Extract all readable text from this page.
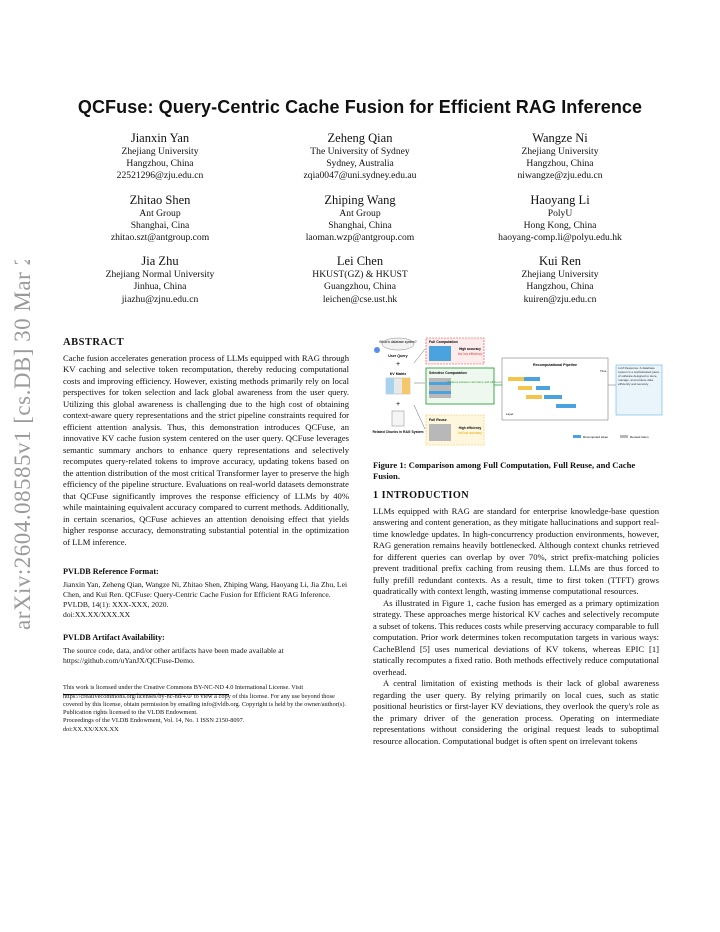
arXiv:2604.08585v1 [cs.DB] 30 Mar 2026
QCFuse: Query-Centric Cache Fusion for Efficient RAG Inference
Jianxin Yan
Zhejiang University
Hangzhou, China
22521296@zju.edu.cn
Zeheng Qian
The University of Sydney
Sydney, Australia
zqia0047@uni.sydney.edu.au
Wangze Ni
Zhejiang University
Hangzhou, China
niwangze@zju.edu.cn
Zhitao Shen
Ant Group
Shanghai, Cina
zhitao.szt@antgroup.com
Zhiping Wang
Ant Group
Shanghai, China
laoman.wzp@antgroup.com
Haoyang Li
PolyU
Hong Kong, China
haoyang-comp.li@polyu.edu.hk
Jia Zhu
Zhejiang Normal University
Jinhua, China
jiazhu@zjnu.edu.cn
Lei Chen
HKUST(GZ) & HKUST
Guangzhou, China
leichen@cse.ust.hk
Kui Ren
Zhejiang University
Hangzhou, China
kuiren@zju.edu.cn
ABSTRACT

Cache fusion accelerates generation process of LLMs equipped with RAG through KV caching and selective token recomputation, thereby reducing computational costs and improving efficiency. However, existing methods primarily rely on local perspectives for token selection and lack global awareness from the user query. Utilizing this global awareness is challenging due to the high cost of obtaining context-aware query representations and the strict pipeline constraints required for efficient attention analysis. Thus, this demonstration introduces QCFuse, an innovative KV cache fusion system centered on the user query. QCFuse leverages semantic summary anchors to enhance query representations and selectively recomputes query-related tokens to improve accuracy, updating tokens based on the attention distribution of the most critical Transformer layer to preserve the high efficiency of the pipeline structure. Evaluations on real-world datasets demonstrate that QCFuse significantly improves the response efficiency of LLMs by 40% while maintaining equivalent accuracy compared to current methods. Additionally, in certain scenarios, QCFuse achieves an attention denoising effect that yields higher response accuracy, demonstrating substantial potential in the optimization of LLM inference.

PVLDB Reference Format:

Jianxin Yan, Zeheng Qian, Wangze Ni, Zhitao Shen, Zhiping Wang, Haoyang Li, Jia Zhu, Lei Chen, and Kui Ren. QCFuse: Query-Centric Cache Fusion for Efficient RAG Inference. PVLDB, 14(1): XXX-XXX, 2020.

doi:XX.XX/XXX.XX

PVLDB Artifact Availability:

The source code, data, and/or other artifacts have been made available at https://github.com/uYanJX/QCFuse-Demo.

This work is licensed under the Creative Commons BY-NC-ND 4.0 International License. Visit https://creativecommons.org/licenses/by-nc-nd/4.0/ to view a copy of this license. For any use beyond those covered by this license, obtain permission by emailing info@vldb.org. Copyright is held by the owner/author(s). Publication rights licensed to the VLDB Endowment.

Proceedings of the VLDB Endowment, Vol. 14, No. 1 ISSN 2150-8097.

doi:XX.XX/XXX.XX

What is database system?
User Query
+
KV Matrix
+
Related Chunks in RAG System
Full Computation
High accuracy
but low efficiency
Selective Computation
Balance between accuracy and efficiency
Full Reuse
High efficiency
but low accuracy
Recomputational Pipeline
Time
Layer
LLM Response: A database system is a sophisticated piece of software designed to store, manage, and retrieve data efficiently and securely.
Recomputed token	Reused token
Figure 1: Comparison among Full Computation, Full Reuse, and Cache Fusion.
1 INTRODUCTION

LLMs equipped with RAG are standard for enterprise knowledge-base question answering and content generation, as they mitigate hallucinations and support real-time knowledge updates. In high-concurrency production environments, however, RAG generation remains heavily bottlenecked. Although context chunks retrieved for different queries can overlap by over 70%, strict prefix-matching policies prevent traditional prefix caching from reusing them. LLMs are thus forced to fully prefill redundant contexts. As a result, time to first token (TTFT) grows quadratically with context length, wasting immense computational resources.

As illustrated in Figure 1, cache fusion has emerged as a primary optimization strategy. These approaches merge historical KV caches and selectively recompute a subset of tokens. This reduces costs while preserving accuracy comparable to full computation. Prior work determines token recomputation targets in various ways: CacheBlend [5] uses numerical deviations of KV tokens, whereas EPIC [1] statically recomputes a fixed ratio. Both methods effectively reduce computational overhead.

A central limitation of existing methods is their lack of global awareness regarding the user query. By relying primarily on local cues, such as static positional heuristics or first-layer KV deviations, they overlook the query's role as the primary driver of the generation process. Operating on intermediate representations without considering the original request leads to suboptimal resource allocation. Computational budget is often spent on irrelevant tokens
